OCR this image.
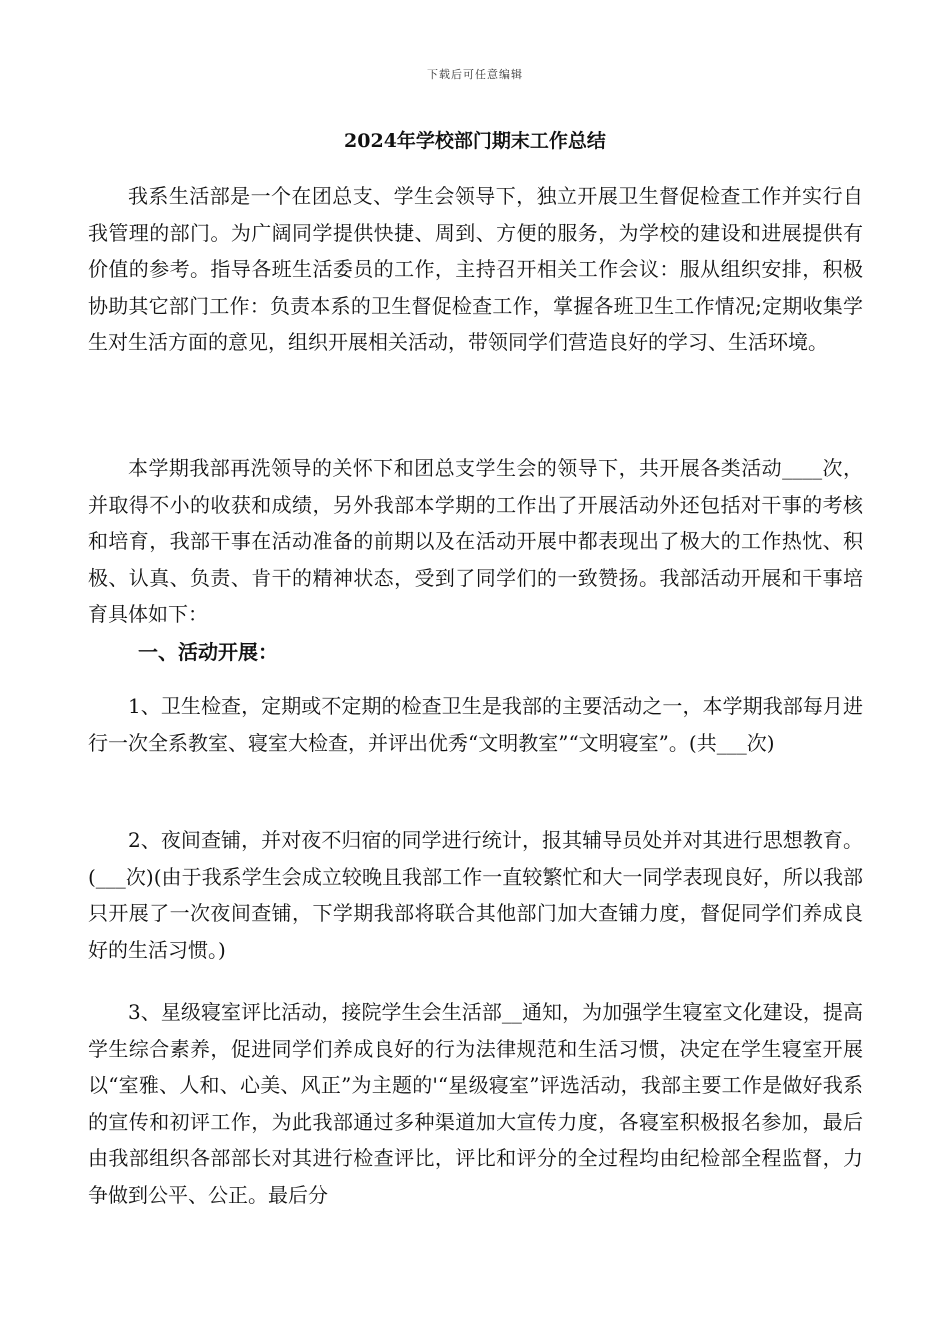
下载后可任意编辑
2024年学校部门期末工作总结

我系生活部是一个在团总支、学生会领导下，独立开展卫生督促检查工作并实行自我管理的部门。为广阔同学提供快捷、周到、方便的服务，为学校的建设和进展提供有价值的参考。指导各班生活委员的工作，主持召开相关工作会议：服从组织安排，积极协助其它部门工作：负责本系的卫生督促检查工作，掌握各班卫生工作情况;定期收集学生对生活方面的意见，组织开展相关活动，带领同学们营造良好的学习、生活环境。

本学期我部再洗领导的关怀下和团总支学生会的领导下，共开展各类活动____次，并取得不小的收获和成绩，另外我部本学期的工作出了开展活动外还包括对干事的考核和培育，我部干事在活动准备的前期以及在活动开展中都表现出了极大的工作热忱、积极、认真、负责、肯干的精神状态，受到了同学们的一致赞扬。我部活动开展和干事培育具体如下：

一、活动开展：

1、卫生检查，定期或不定期的检查卫生是我部的主要活动之一，本学期我部每月进行一次全系教室、寝室大检查，并评出优秀“文明教室”“文明寝室”。(共___次)

2、夜间查铺，并对夜不归宿的同学进行统计，报其辅导员处并对其进行思想教育。(___次)(由于我系学生会成立较晚且我部工作一直较繁忙和大一同学表现良好，所以我部只开展了一次夜间查铺，下学期我部将联合其他部门加大查铺力度，督促同学们养成良好的生活习惯。)

3、星级寝室评比活动，接院学生会生活部__通知，为加强学生寝室文化建设，提高学生综合素养，促进同学们养成良好的行为法律规范和生活习惯，决定在学生寝室开展以“室雅、人和、心美、风正”为主题的'“星级寝室”评选活动，我部主要工作是做好我系的宣传和初评工作，为此我部通过多种渠道加大宣传力度，各寝室积极报名参加，最后由我部组织各部部长对其进行检查评比，评比和评分的全过程均由纪检部全程监督，力争做到公平、公正。最后分
